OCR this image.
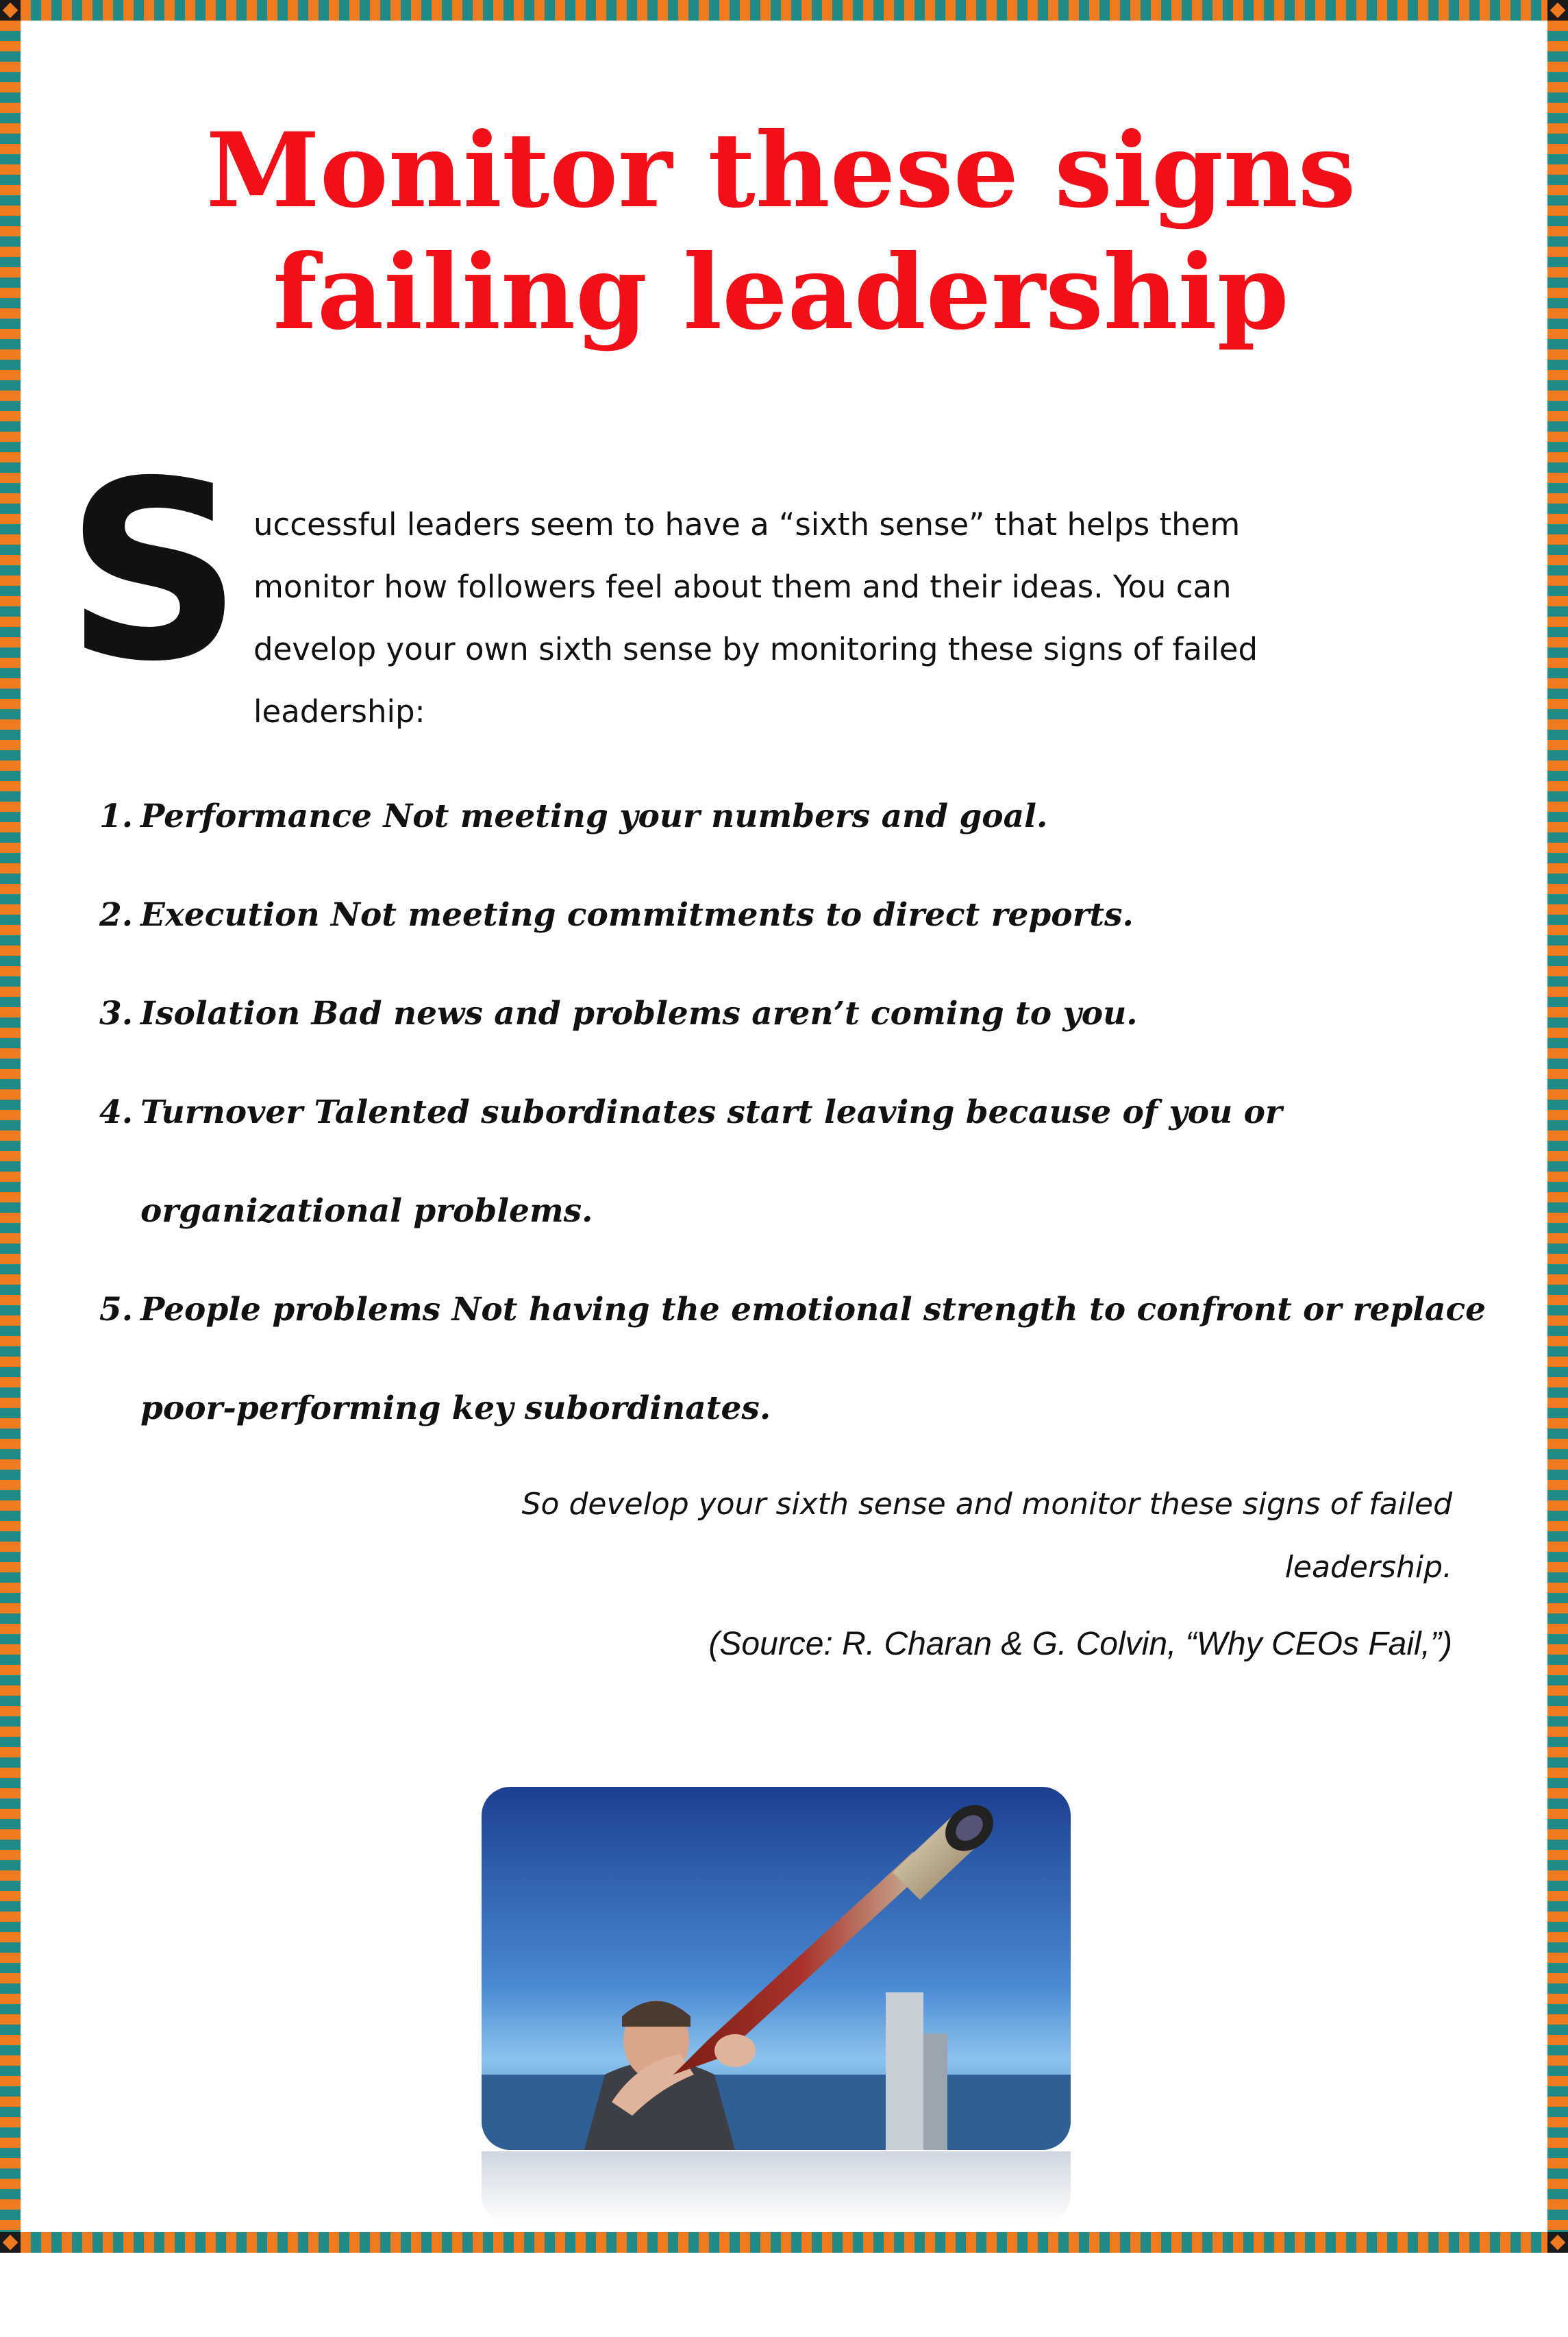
Monitor these signs
failing leadership
S uccessful leaders seem to have a “sixth sense” that helps them
monitor how followers feel about them and their ideas. You can
develop your own sixth sense by monitoring these signs of failed
leadership:
1. Performance Not meeting your numbers and goal.
2. Execution Not meeting commitments to direct reports.
3. Isolation Bad news and problems aren’t coming to you.
4. Turnover Talented subordinates start leaving because of you or
organizational problems.
5. People problems Not having the emotional strength to confront or replace
poor-performing key subordinates.
So develop your sixth sense and monitor these signs of failed
leadership.
(Source: R. Charan & G. Colvin, “Why CEOs Fail,”)
